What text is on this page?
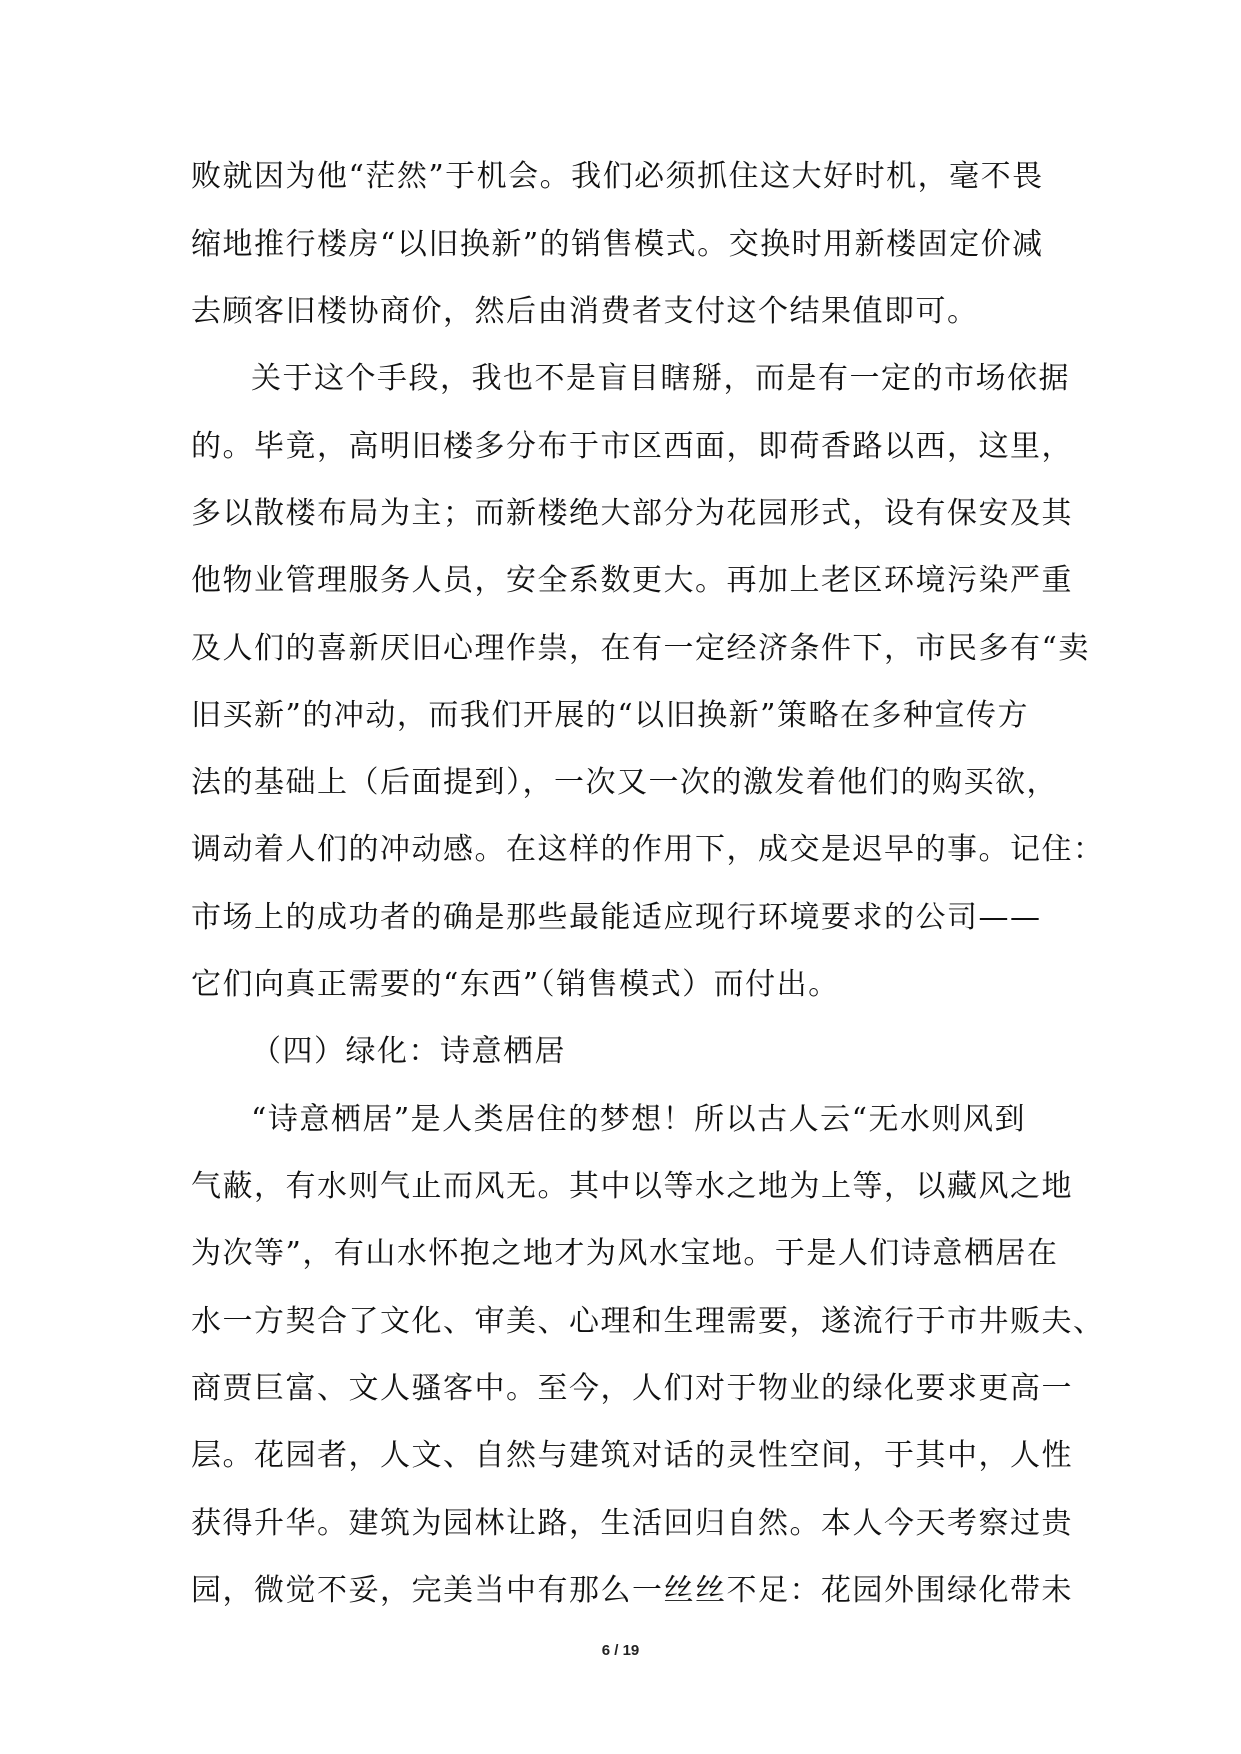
败就因为他“茫然”于机会。我们必须抓住这大好时机，毫不畏
缩地推行楼房“以旧换新”的销售模式。交换时用新楼固定价减
去顾客旧楼协商价，然后由消费者支付这个结果值即可。
关于这个手段，我也不是盲目瞎掰，而是有一定的市场依据
的。毕竟，高明旧楼多分布于市区西面，即荷香路以西，这里，
多以散楼布局为主；而新楼绝大部分为花园形式，设有保安及其
他物业管理服务人员，安全系数更大。再加上老区环境污染严重
及人们的喜新厌旧心理作祟，在有一定经济条件下，市民多有“卖
旧买新”的冲动，而我们开展的“以旧换新”策略在多种宣传方
法的基础上（后面提到），一次又一次的激发着他们的购买欲，
调动着人们的冲动感。在这样的作用下，成交是迟早的事。记住：
市场上的成功者的确是那些最能适应现行环境要求的公司——
它们向真正需要的“东西”（销售模式）而付出。
（四）绿化：诗意栖居
“诗意栖居”是人类居住的梦想！所以古人云“无水则风到
气蔽，有水则气止而风无。其中以等水之地为上等，以藏风之地
为次等”，有山水怀抱之地才为风水宝地。于是人们诗意栖居在
水一方契合了文化、审美、心理和生理需要，遂流行于市井贩夫、
商贾巨富、文人骚客中。至今，人们对于物业的绿化要求更高一
层。花园者，人文、自然与建筑对话的灵性空间，于其中，人性
获得升华。建筑为园林让路，生活回归自然。本人今天考察过贵
园，微觉不妥，完美当中有那么一丝丝不足：花园外围绿化带未
6 / 19
